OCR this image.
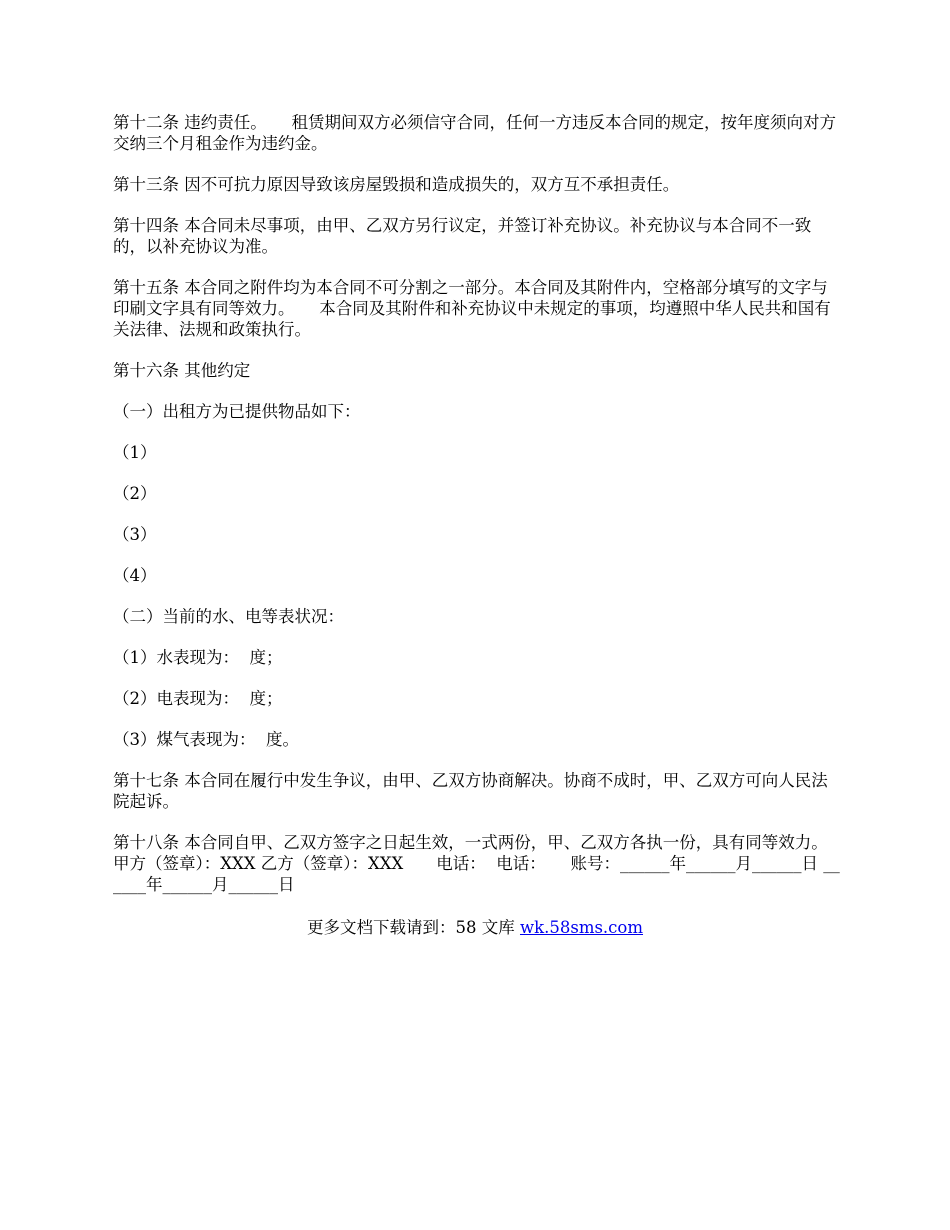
第十二条 违约责任。　　租赁期间双方必须信守合同，任何一方违反本合同的规定，按年度须向对方交纳三个月租金作为违约金。

第十三条 因不可抗力原因导致该房屋毁损和造成损失的，双方互不承担责任。

第十四条 本合同未尽事项，由甲、乙双方另行议定，并签订补充协议。补充协议与本合同不一致的，以补充协议为准。

第十五条 本合同之附件均为本合同不可分割之一部分。本合同及其附件内，空格部分填写的文字与印刷文字具有同等效力。　　本合同及其附件和补充协议中未规定的事项，均遵照中华人民共和国有关法律、法规和政策执行。

第十六条 其他约定

（一）出租方为已提供物品如下：

（1）

（2）

（3）

（4）

（二）当前的水、电等表状况：

（1）水表现为：  度；

（2）电表现为：  度；

（3）煤气表现为：  度。

第十七条 本合同在履行中发生争议，由甲、乙双方协商解决。协商不成时，甲、乙双方可向人民法院起诉。

第十八条 本合同自甲、乙双方签字之日起生效，一式两份，甲、乙双方各执一份，具有同等效力。　　甲方（签章）：XXX 乙方（签章）：XXX　　电话：  电话：　　账号：______年______月______日 ______年______月______日

更多文档下载请到：58 文库 wk.58sms.com
